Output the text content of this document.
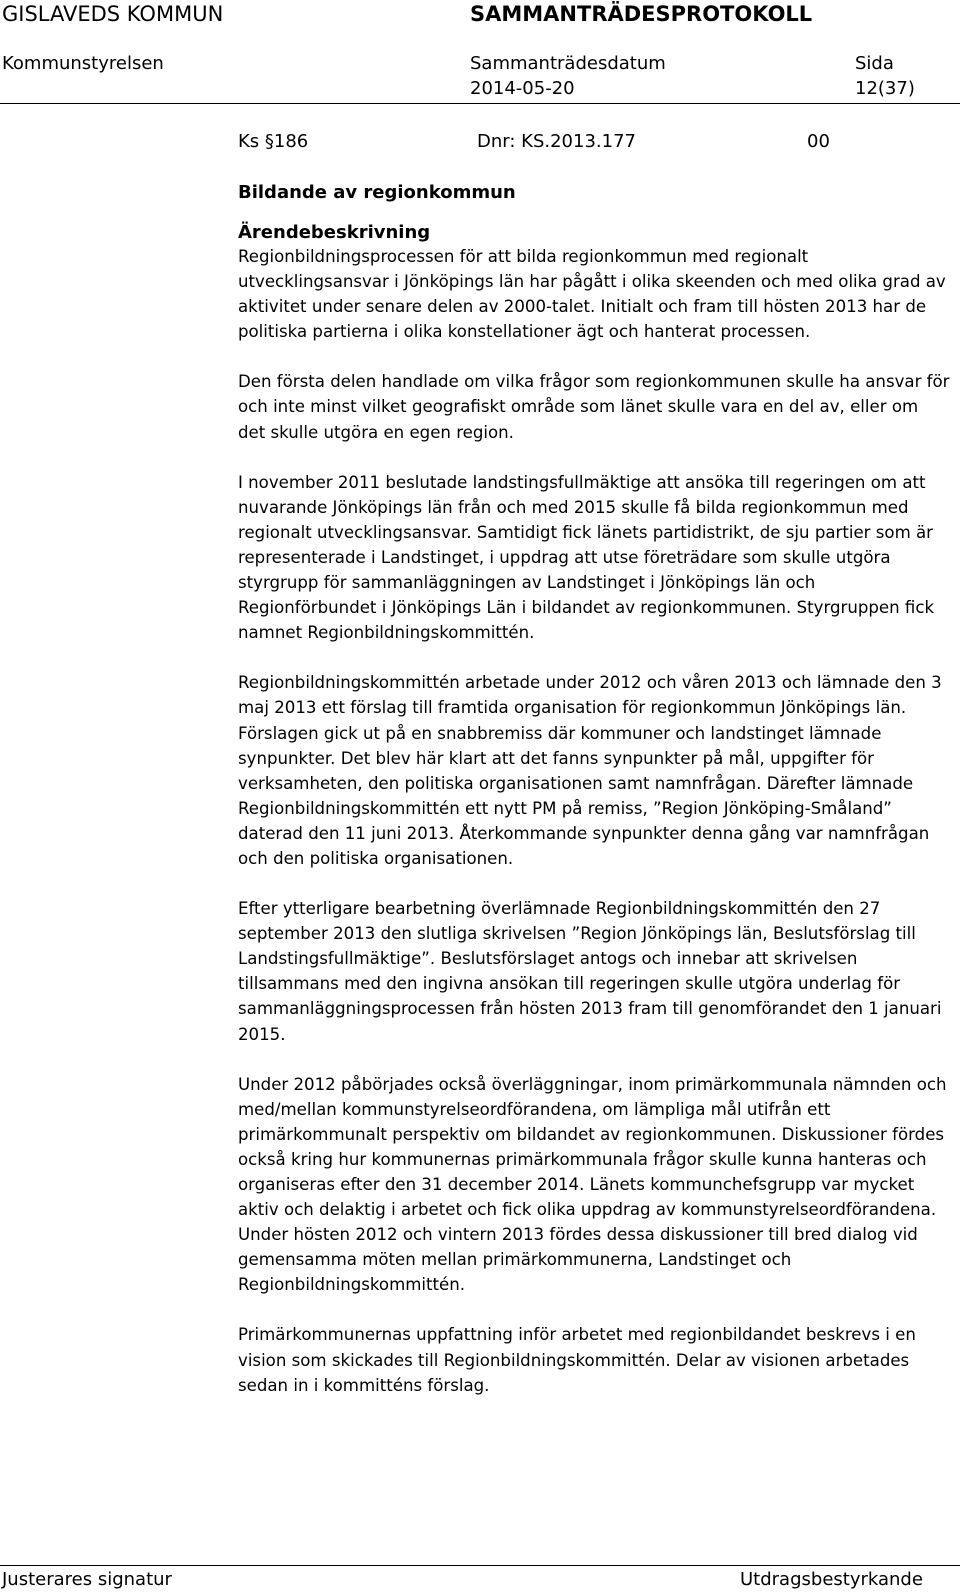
GISLAVEDS KOMMUN	SAMMANTRÄDESPROTOKOLL
Kommunstyrelsen	Sammanträdesdatum	Sida
2014-05-20	12(37)
Ks §186	Dnr: KS.2013.177	00
Bildande av regionkommun
Ärendebeskrivning

Regionbildningsprocessen för att bilda regionkommun med regionalt utvecklingsansvar i Jönköpings län har pågått i olika skeenden och med olika grad av aktivitet under senare delen av 2000-talet. Initialt och fram till hösten 2013 har de politiska partierna i olika konstellationer ägt och hanterat processen.

Den första delen handlade om vilka frågor som regionkommunen skulle ha ansvar för och inte minst vilket geografiskt område som länet skulle vara en del av, eller om det skulle utgöra en egen region.

I november 2011 beslutade landstingsfullmäktige att ansöka till regeringen om att nuvarande Jönköpings län från och med 2015 skulle få bilda regionkommun med regionalt utvecklingsansvar. Samtidigt fick länets partidistrikt, de sju partier som är representerade i Landstinget, i uppdrag att utse företrädare som skulle utgöra styrgrupp för sammanläggningen av Landstinget i Jönköpings län och Regionförbundet i Jönköpings Län i bildandet av regionkommunen. Styrgruppen fick namnet Regionbildningskommittén.

Regionbildningskommittén arbetade under 2012 och våren 2013 och lämnade den 3 maj 2013 ett förslag till framtida organisation för regionkommun Jönköpings län. Förslagen gick ut på en snabbremiss där kommuner och landstinget lämnade synpunkter. Det blev här klart att det fanns synpunkter på mål, uppgifter för verksamheten, den politiska organisationen samt namnfrågan. Därefter lämnade Regionbildningskommittén ett nytt PM på remiss, ”Region Jönköping-Småland” daterad den 11 juni 2013. Återkommande synpunkter denna gång var namnfrågan och den politiska organisationen.

Efter ytterligare bearbetning överlämnade Regionbildningskommittén den 27 september 2013 den slutliga skrivelsen ”Region Jönköpings län, Beslutsförslag till Landstingsfullmäktige”. Beslutsförslaget antogs och innebar att skrivelsen tillsammans med den ingivna ansökan till regeringen skulle utgöra underlag för sammanläggningsprocessen från hösten 2013 fram till genomförandet den 1 januari 2015.

Under 2012 påbörjades också överläggningar, inom primärkommunala nämnden och med/mellan kommunstyrelseordförandena, om lämpliga mål utifrån ett primärkommunalt perspektiv om bildandet av regionkommunen. Diskussioner fördes också kring hur kommunernas primärkommunala frågor skulle kunna hanteras och organiseras efter den 31 december 2014. Länets kommunchefsgrupp var mycket aktiv och delaktig i arbetet och fick olika uppdrag av kommunstyrelseordförandena. Under hösten 2012 och vintern 2013 fördes dessa diskussioner till bred dialog vid gemensamma möten mellan primärkommunerna, Landstinget och Regionbildningskommittén.

Primärkommunernas uppfattning inför arbetet med regionbildandet beskrevs i en vision som skickades till Regionbildningskommittén. Delar av visionen arbetades sedan in i kommitténs förslag.

Justerares signatur	Utdragsbestyrkande
